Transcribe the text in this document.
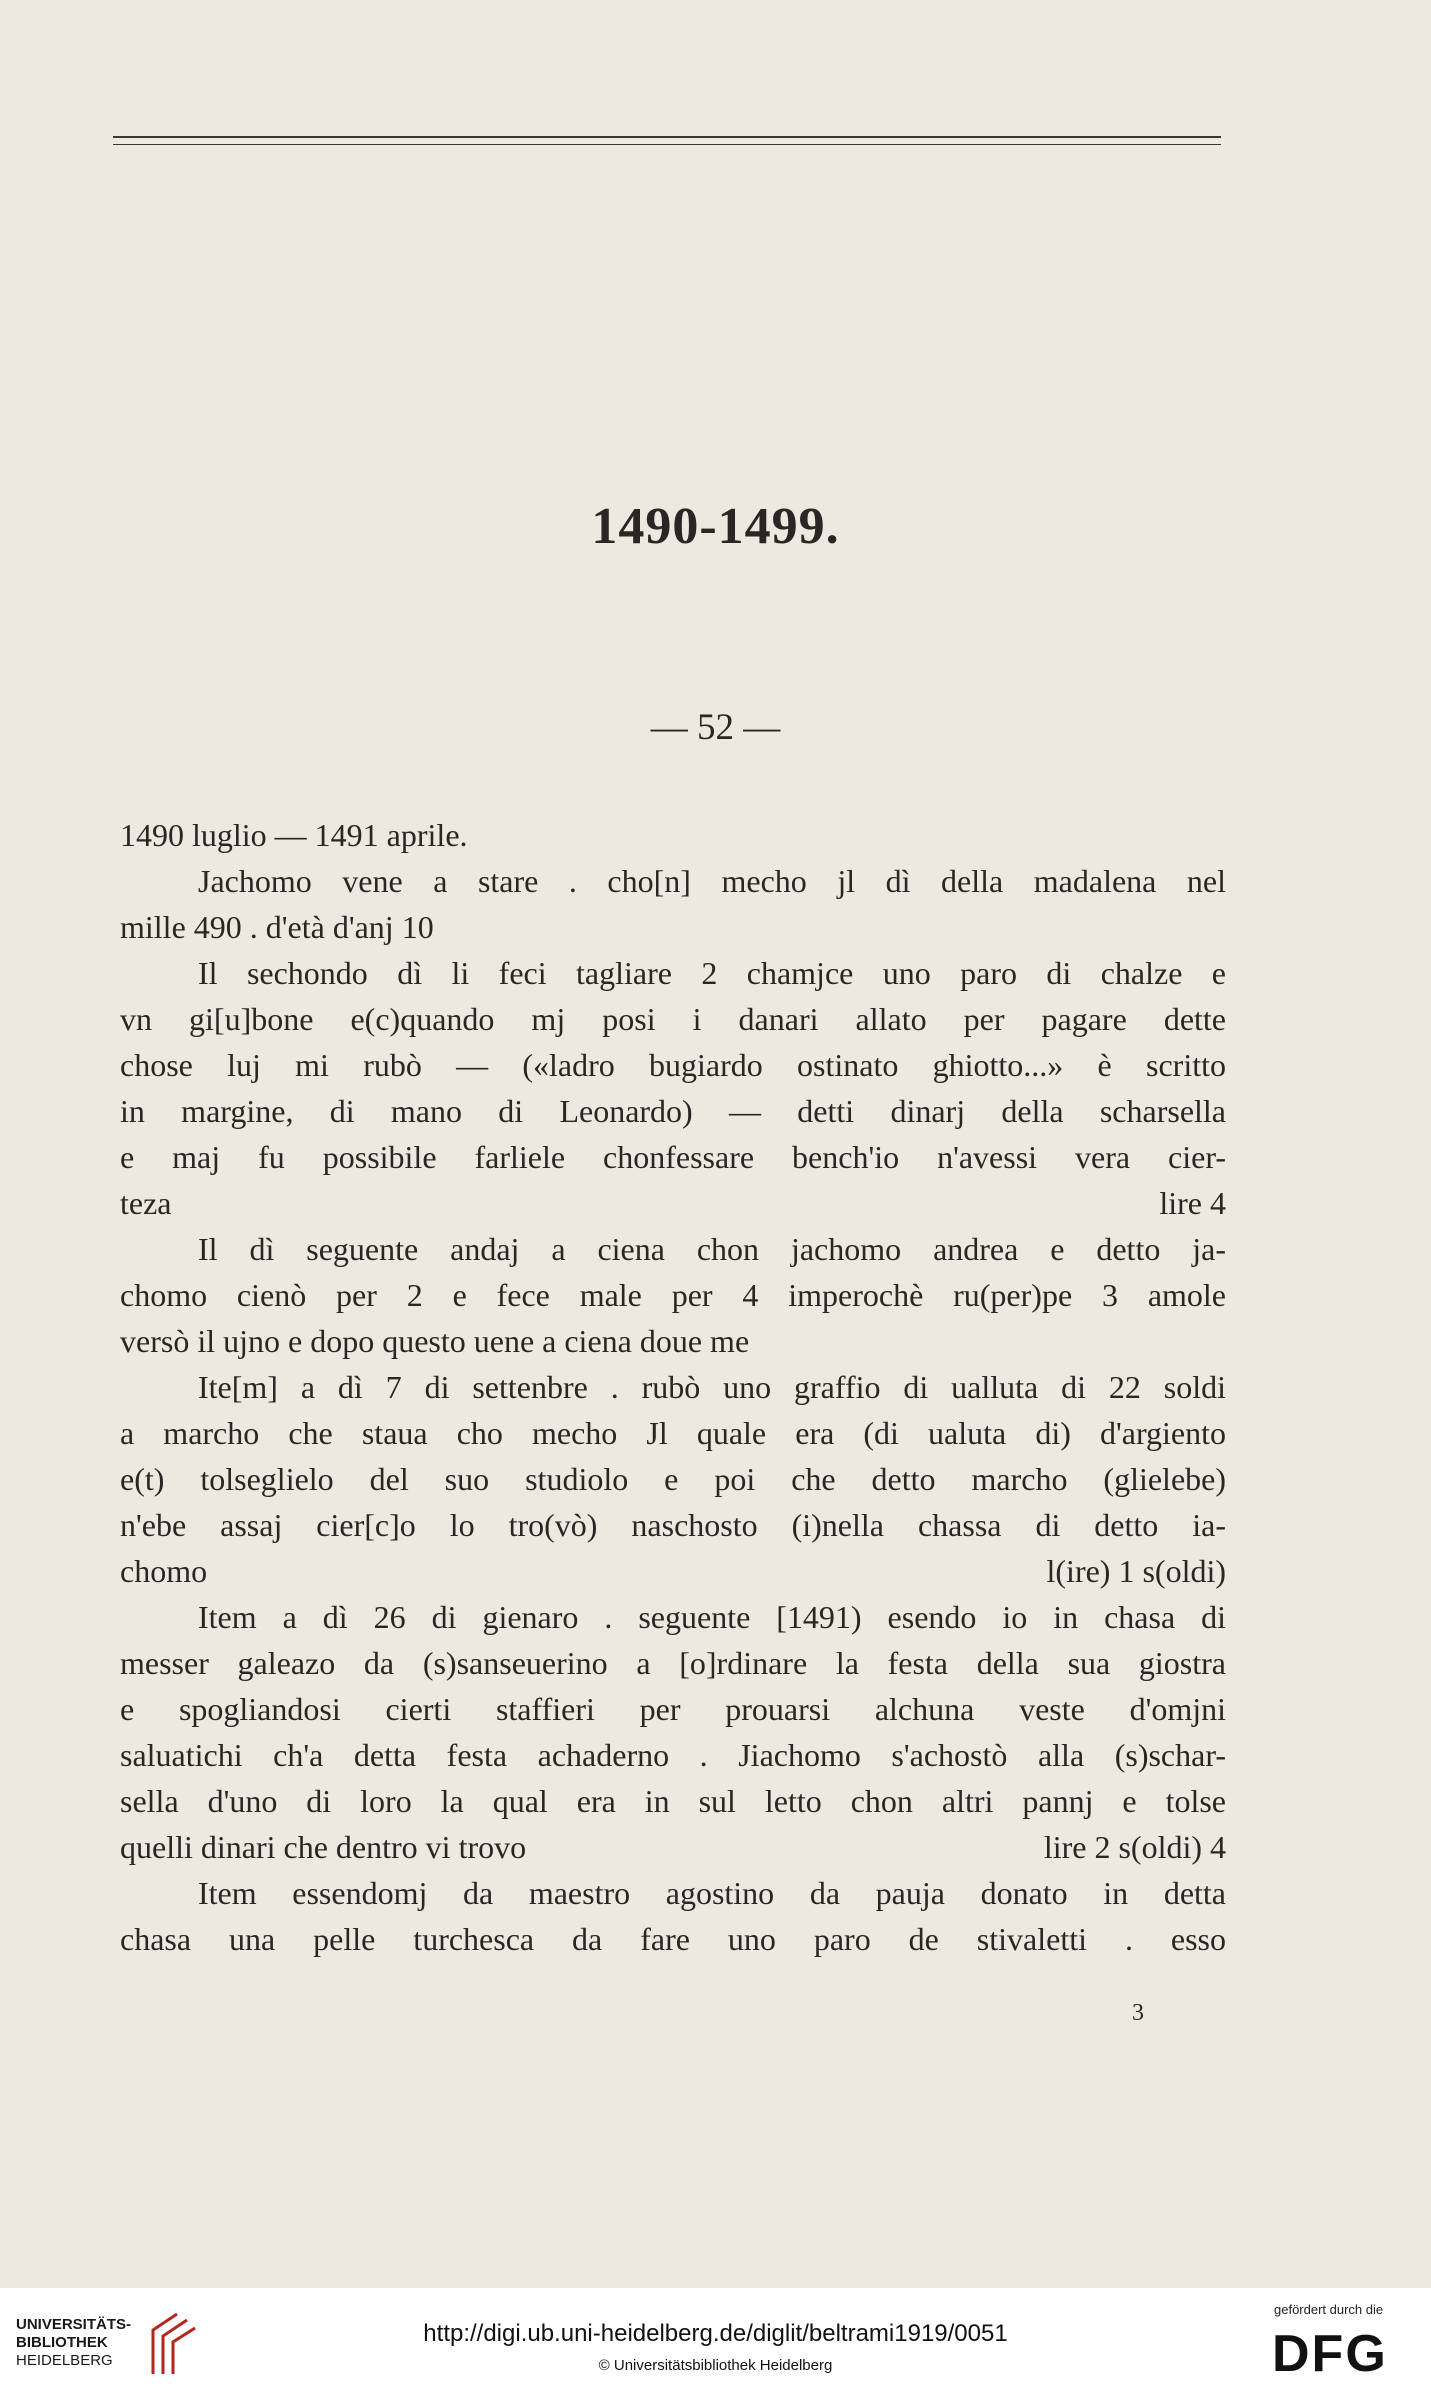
1490-1499.
— 52 —
1490 luglio — 1491 aprile.
Jachomo vene a stare . cho[n] mecho jl dì della madalena nel
mille 490 . d'età d'anj 10
Il sechondo dì li feci tagliare 2 chamjce uno paro di chalze e
vn gi[u]bone e(c)quando mj posi i danari allato per pagare dette
chose luj mi rubò — («ladro bugiardo ostinato ghiotto...» è scritto
in margine, di mano di Leonardo) — detti dinarj della scharsella
e maj fu possibile farliele chonfessare bench'io n'avessi vera cier-
teza	lire 4
Il dì seguente andaj a ciena chon jachomo andrea e detto ja-
chomo cienò per 2 e fece male per 4 imperochè ru(per)pe 3 amole
versò il ujno e dopo questo uene a ciena doue me
Ite[m] a dì 7 di settenbre . rubò uno graffio di ualluta di 22 soldi
a marcho che staua cho mecho Jl quale era (di ualuta di) d'argiento
e(t) tolseglielo del suo studiolo e poi che detto marcho (glielebe)
n'ebe assaj cier[c]o lo tro(vò) naschosto (i)nella chassa di detto ia-
chomo	l(ire) 1 s(oldi)
Item a dì 26 di gienaro . seguente [1491) esendo io in chasa di
messer galeazo da (s)sanseuerino a [o]rdinare la festa della sua giostra
e spogliandosi cierti staffieri per prouarsi alchuna veste d'omjni
saluatichi ch'a detta festa achaderno . Jiachomo s'achostò alla (s)schar-
sella d'uno di loro la qual era in sul letto chon altri pannj e tolse
quelli dinari che dentro vi trovo	lire 2 s(oldi) 4
Item essendomj da maestro agostino da pauja donato in detta
chasa una pelle turchesca da fare uno paro de stivaletti . esso
3
UNIVERSITÄTS-
BIBLIOTHEK
HEIDELBERG
http://digi.ub.uni-heidelberg.de/diglit/beltrami1919/0051
© Universitätsbibliothek Heidelberg
gefördert durch die
DFG
